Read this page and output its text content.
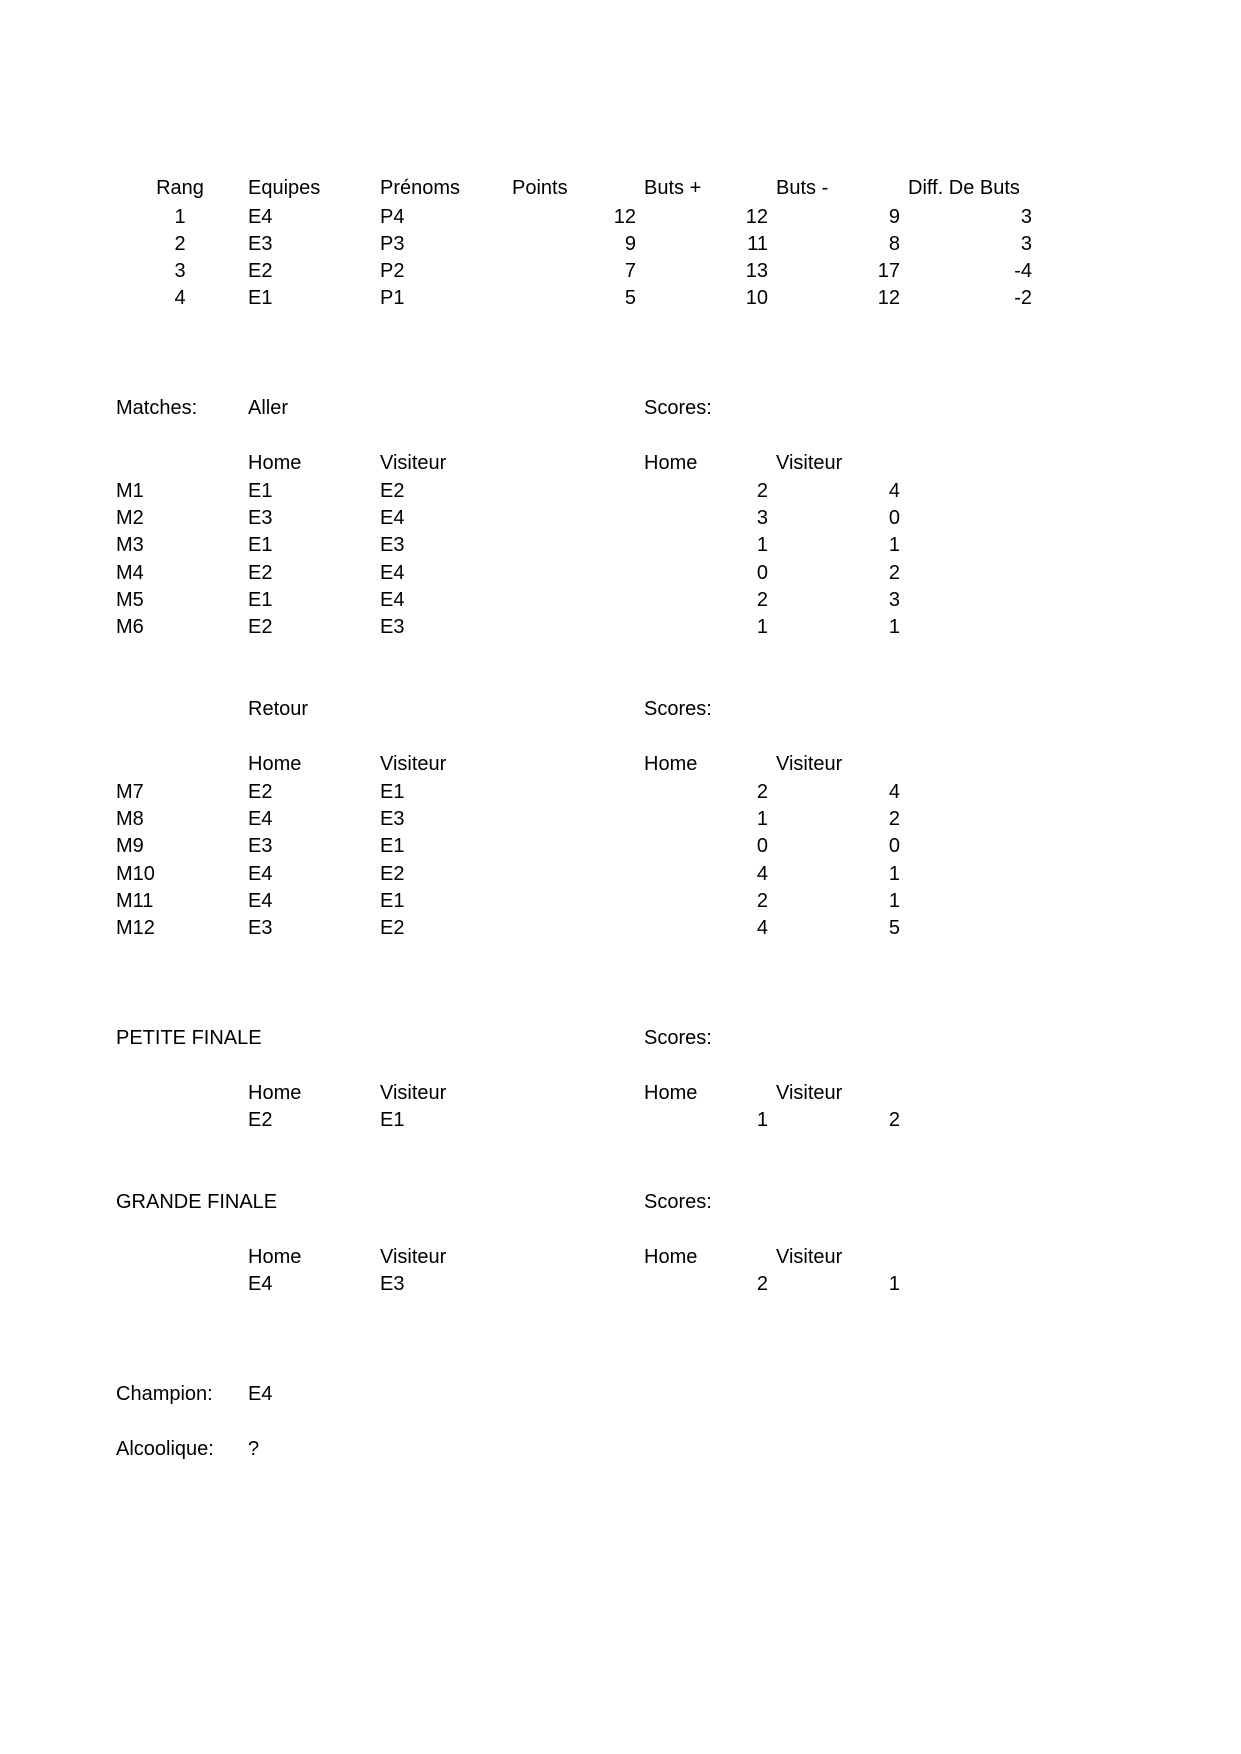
Rang	Equipes	Prénoms	Points	Buts +	Buts -	Diff. De Buts
1	E4	P4	12	12	9	3
2	E3	P3	9	11	8	3
3	E2	P2	7	13	17	-4
4	E1	P1	5	10	12	-2
Matches:	Aller	Scores:
Home	Visiteur	Home	Visiteur
M1	E1	E2	2	4
M2	E3	E4	3	0
M3	E1	E3	1	1
M4	E2	E4	0	2
M5	E1	E4	2	3
M6	E2	E3	1	1
Retour	Scores:
Home	Visiteur	Home	Visiteur
M7	E2	E1	2	4
M8	E4	E3	1	2
M9	E3	E1	0	0
M10	E4	E2	4	1
M11	E4	E1	2	1
M12	E3	E2	4	5
PETITE FINALE	Scores:
Home	Visiteur	Home	Visiteur
E2	E1	1	2
GRANDE FINALE	Scores:
Home	Visiteur	Home	Visiteur
E4	E3	2	1
Champion: E4
Alcoolique: ?
